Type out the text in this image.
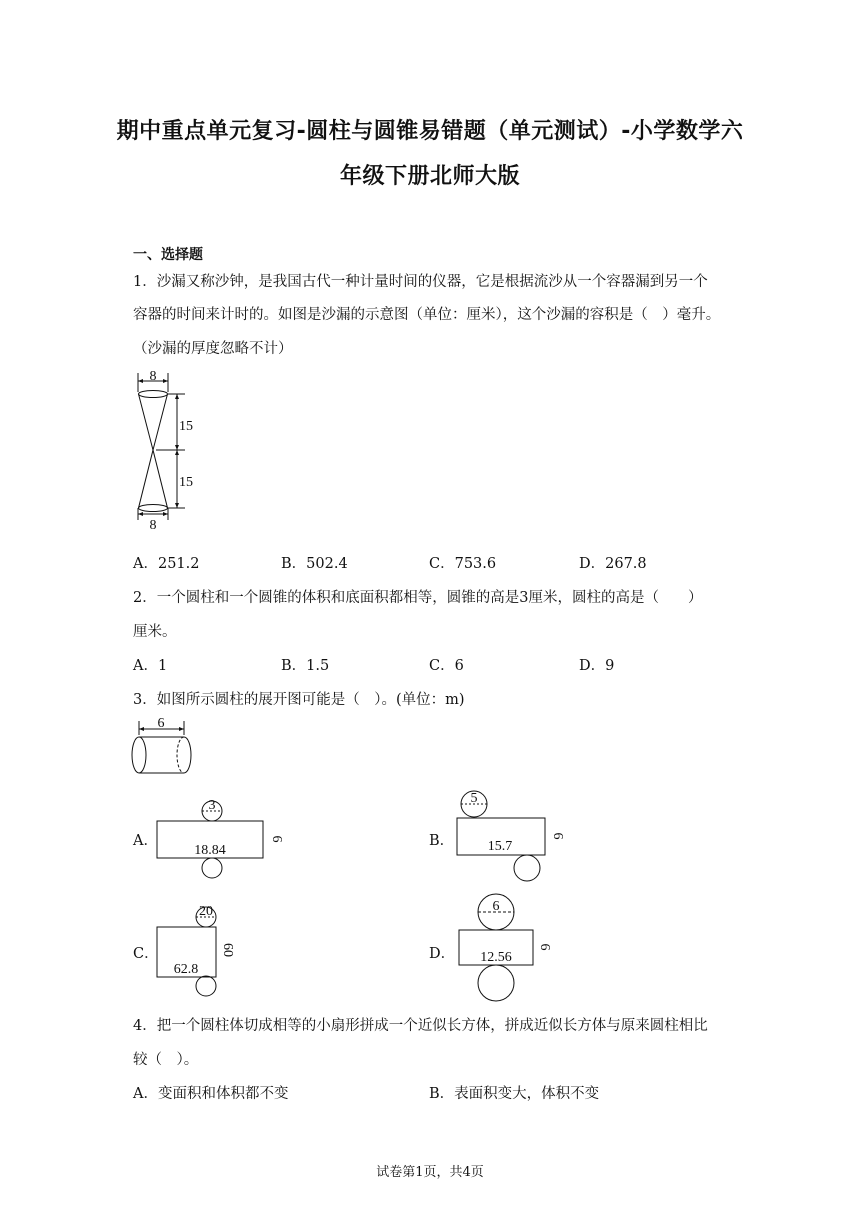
期中重点单元复习-圆柱与圆锥易错题（单元测试）-小学数学六
年级下册北师大版
一、选择题
1．沙漏又称沙钟，是我国古代一种计量时间的仪器，它是根据流沙从一个容器漏到另一个
容器的时间来计时的。如图是沙漏的示意图（单位：厘米），这个沙漏的容积是（　）毫升。
（沙漏的厚度忽略不计）
8
15
15
8
A．251.2	B．502.4	C．753.6	D．267.8
2．一个圆柱和一个圆锥的体积和底面积都相等，圆锥的高是3厘米，圆柱的高是（　　）
厘米。
A．1	B．1.5	C．6	D．9
3．如图所示圆柱的展开图可能是（　）。(单位：m)
6
A．
3
18.84
6	B．
5
15.7
6
C．
20
62.8
60	D．
6
12.56
6
4．把一个圆柱体切成相等的小扇形拼成一个近似长方体，拼成近似长方体与原来圆柱相比
较（　）。
A．变面积和体积都不变	B．表面积变大，体积不变
试卷第1页，共4页
